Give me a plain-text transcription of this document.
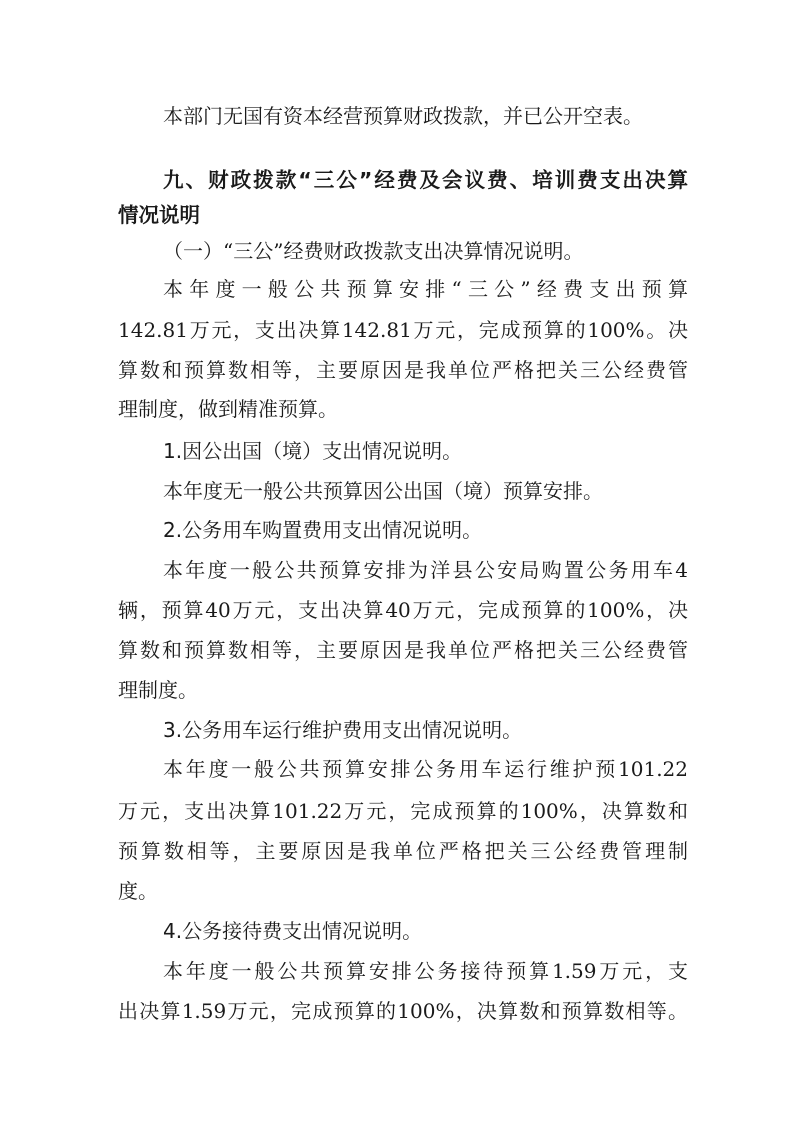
本部门无国有资本经营预算财政拨款，并已公开空表。
九、财政拨款“三公”经费及会议费、培训费支出决算
情况说明
（一）“三公”经费财政拨款支出决算情况说明。
本年度一般公共预算安排“三公”经费支出预算
142.81万元，支出决算142.81万元，完成预算的100%。决
算数和预算数相等，主要原因是我单位严格把关三公经费管
理制度，做到精准预算。
1.因公出国（境）支出情况说明。
本年度无一般公共预算因公出国（境）预算安排。
2.公务用车购置费用支出情况说明。
本年度一般公共预算安排为洋县公安局购置公务用车4
辆，预算40万元，支出决算40万元，完成预算的100%，决
算数和预算数相等，主要原因是我单位严格把关三公经费管
理制度。
3.公务用车运行维护费用支出情况说明。
本年度一般公共预算安排公务用车运行维护预101.22
万元，支出决算101.22万元，完成预算的100%，决算数和
预算数相等，主要原因是我单位严格把关三公经费管理制
度。
4.公务接待费支出情况说明。
本年度一般公共预算安排公务接待预算1.59万元，支
出决算1.59万元，完成预算的100%，决算数和预算数相等。
